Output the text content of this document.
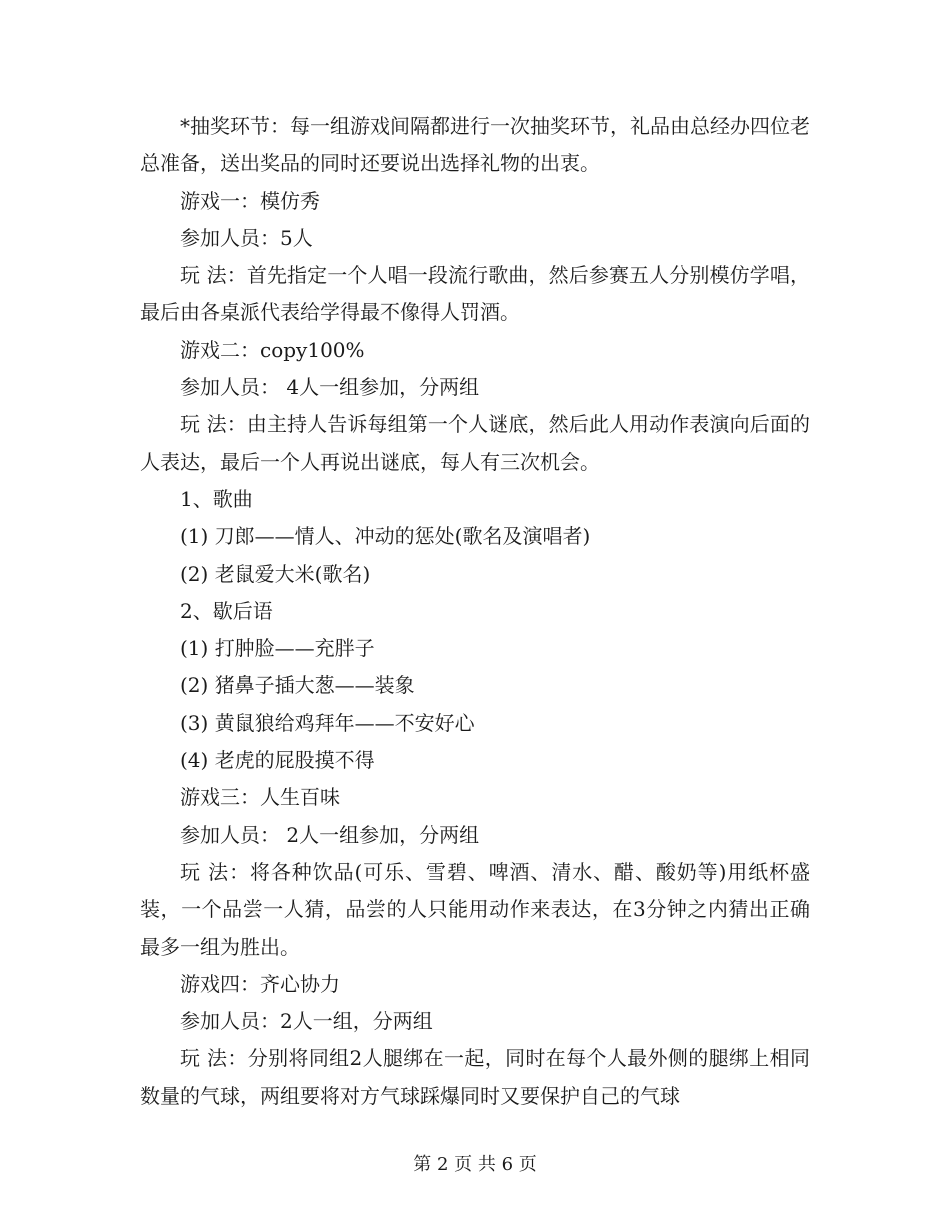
*抽奖环节：每一组游戏间隔都进行一次抽奖环节，礼品由总经办四位老总准备，送出奖品的同时还要说出选择礼物的出衷。

游戏一：模仿秀

参加人员：5人

玩 法：首先指定一个人唱一段流行歌曲，然后参赛五人分别模仿学唱，最后由各桌派代表给学得最不像得人罚酒。

游戏二：copy100%

参加人员： 4人一组参加，分两组

玩 法：由主持人告诉每组第一个人谜底，然后此人用动作表演向后面的人表达，最后一个人再说出谜底，每人有三次机会。

1、歌曲

(1) 刀郎——情人、冲动的惩处(歌名及演唱者)

(2) 老鼠爱大米(歌名)

2、歇后语

(1) 打肿脸——充胖子

(2) 猪鼻子插大葱——装象

(3) 黄鼠狼给鸡拜年——不安好心

(4) 老虎的屁股摸不得

游戏三：人生百味

参加人员： 2人一组参加，分两组

玩 法：将各种饮品(可乐、雪碧、啤酒、清水、醋、酸奶等)用纸杯盛装，一个品尝一人猜，品尝的人只能用动作来表达，在3分钟之内猜出正确最多一组为胜出。

游戏四：齐心协力

参加人员：2人一组，分两组

玩 法：分别将同组2人腿绑在一起，同时在每个人最外侧的腿绑上相同数量的气球，两组要将对方气球踩爆同时又要保护自己的气球

第 2 页 共 6 页
